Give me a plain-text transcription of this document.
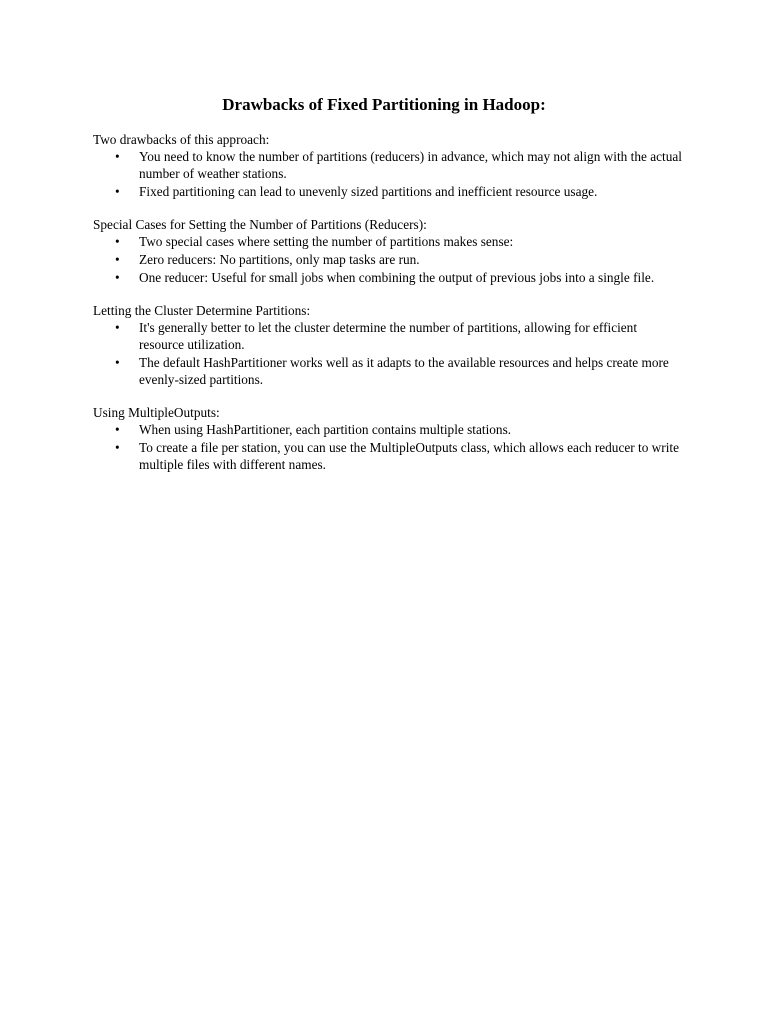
Drawbacks of Fixed Partitioning in Hadoop:

Two drawbacks of this approach:

•	You need to know the number of partitions (reducers) in advance, which may not align with the actual number of weather stations.
•	Fixed partitioning can lead to unevenly sized partitions and inefficient resource usage.

Special Cases for Setting the Number of Partitions (Reducers):

•	Two special cases where setting the number of partitions makes sense:
•	Zero reducers: No partitions, only map tasks are run.
•	One reducer: Useful for small jobs when combining the output of previous jobs into a single file.

Letting the Cluster Determine Partitions:

•	It's generally better to let the cluster determine the number of partitions, allowing for efficient resource utilization.
•	The default HashPartitioner works well as it adapts to the available resources and helps create more evenly-sized partitions.

Using MultipleOutputs:

•	When using HashPartitioner, each partition contains multiple stations.
•	To create a file per station, you can use the MultipleOutputs class, which allows each reducer to write multiple files with different names.
